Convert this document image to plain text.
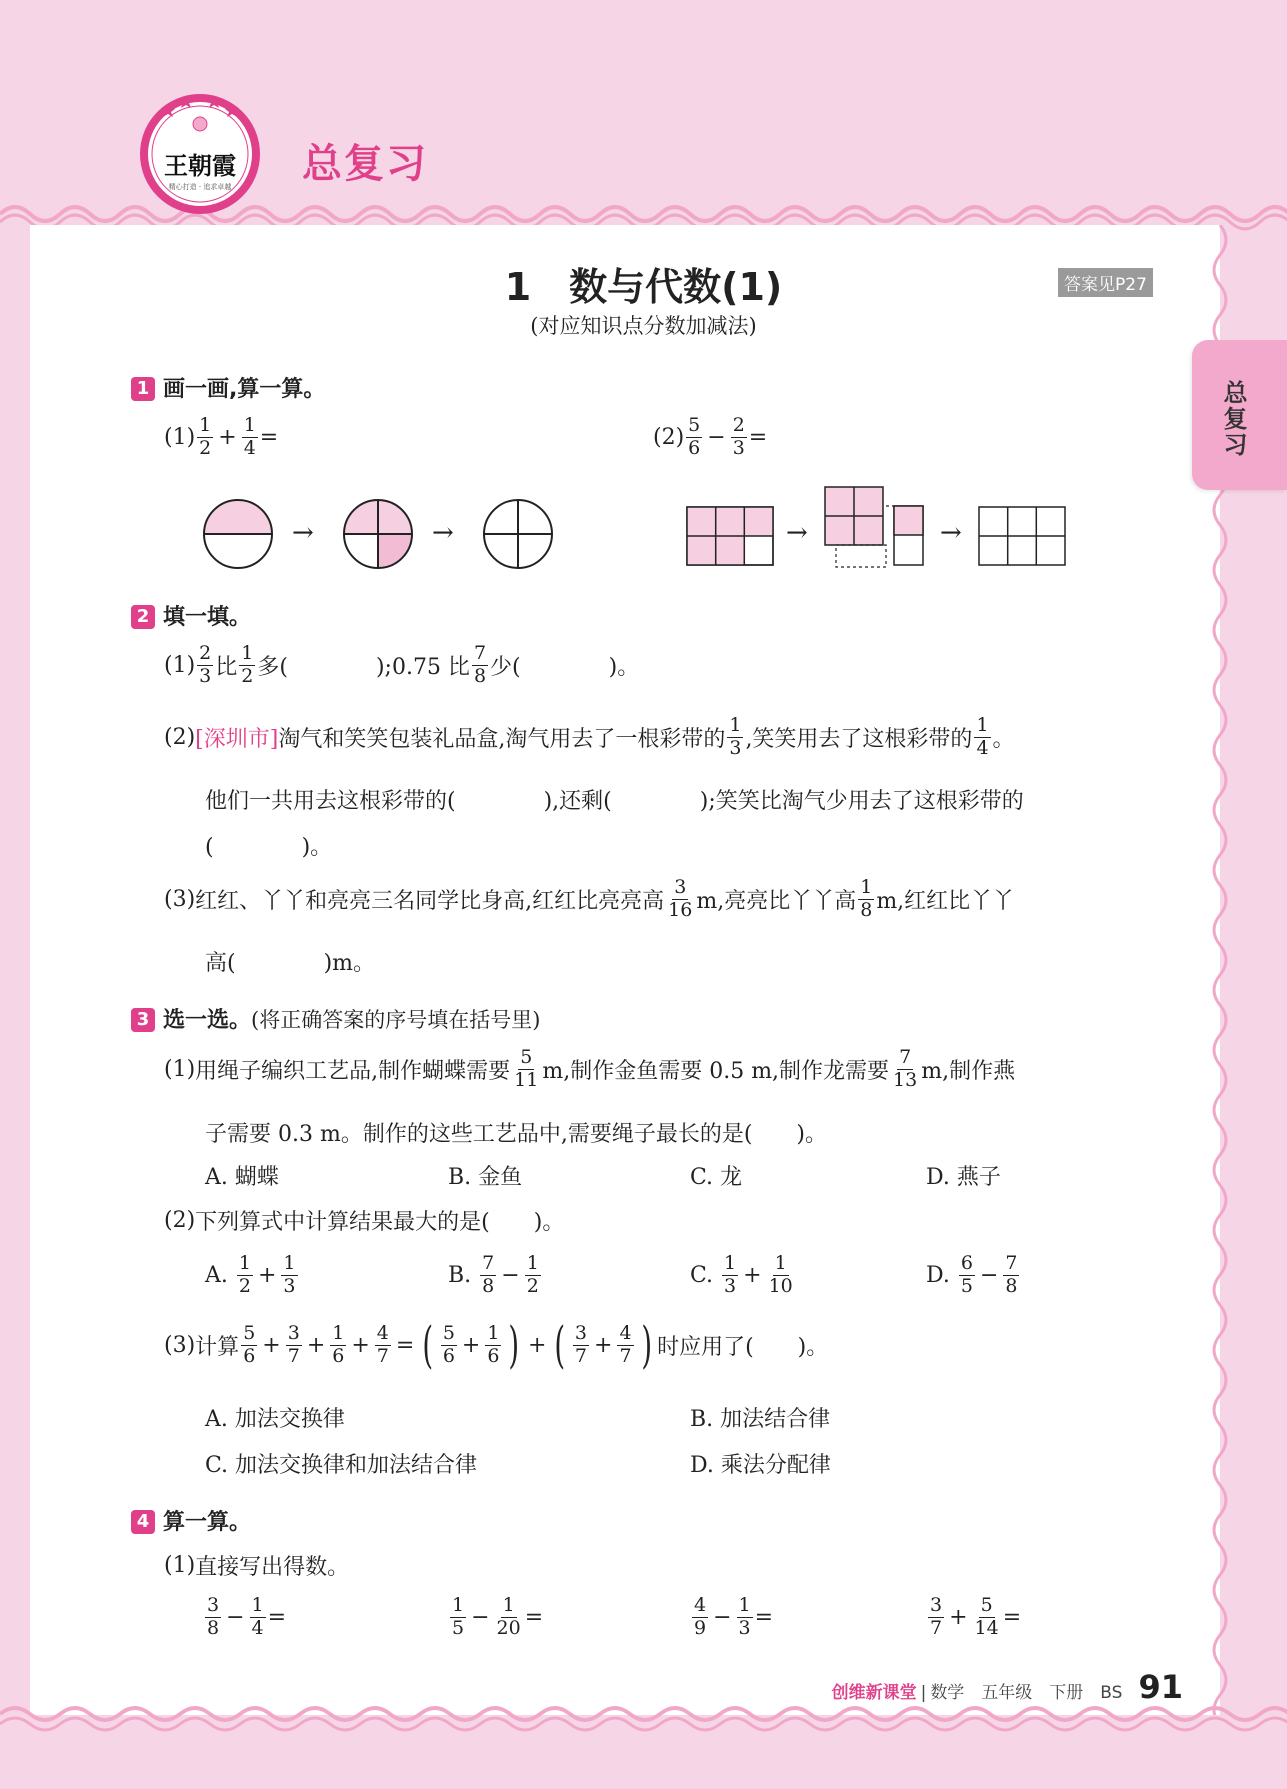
王朝霞
精心打造 · 追求卓越	总复习
总复习
1　数与代数(1)
(对应知识点分数加减法)
答案见P27
1 画一画,算一算。
$(1) \frac{1}{2} + \frac{1}{4}$ =	$(2) \frac{5}{6} - \frac{2}{3}$ =
→	→	→	→
2 填一填。
$(1) \frac{2}{3}$ 比 $\frac{1}{2}$ 多(　　　　);0.75 比 $\frac{7}{8}$ 少(　　　　)。
(2) [深圳市] 淘气和笑笑包装礼品盒,淘气用去了一根彩带的 $\frac{1}{3}$ ,笑笑用去了这根彩带的 $\frac{1}{4}$ 。
他们一共用去这根彩带的(　　　　),还剩(　　　　);笑笑比淘气少用去了这根彩带的
(　　　　)。
(3) 红红、丫丫和亮亮三名同学比身高,红红比亮亮高 $\frac{3}{16} m$,亮亮比丫丫高 $\frac{1}{8} m$,红红比丫丫
高(　　　　)m。
3 选一选。(将正确答案的序号填在括号里)
(1) 用绳子编织工艺品,制作蝴蝶需要 $\frac{5}{11} m$,制作金鱼需要 0.5 m,制作龙需要 $\frac{7}{13} m$,制作燕
子需要 0.3 m。制作的这些工艺品中,需要绳子最长的是(　　)。
A. 蝴蝶	B. 金鱼	C. 龙	D. 燕子
(2) 下列算式中计算结果最大的是(　　)。
A.
$\frac{1}{2} + \frac{1}{3}$	B.
$\frac{7}{8} - \frac{1}{2}$	C.
$\frac{1}{3} + \frac{1}{10}$	D.
$\frac{6}{5} - \frac{7}{8}$
(3) 计算 $\frac{5}{6} + \frac{3}{7} + \frac{1}{6} + \frac{4}{7}$ = ( $\frac{5}{6} + \frac{1}{6}$ ) + ( $\frac{3}{7} + \frac{4}{7}$ ) 时应用了(　　)。
A. 加法交换律	B. 加法结合律
C. 加法交换律和加法结合律	D. 乘法分配律
4 算一算。
(1) 直接写出得数。
$\frac{3}{8} - \frac{1}{4}$ =	$\frac{1}{5} - \frac{1}{20}$ =	$\frac{4}{9} - \frac{1}{3}$ =	$\frac{3}{7} + \frac{5}{14}$ =
创维新课堂 | 数学　五年级　下册　BS 91
